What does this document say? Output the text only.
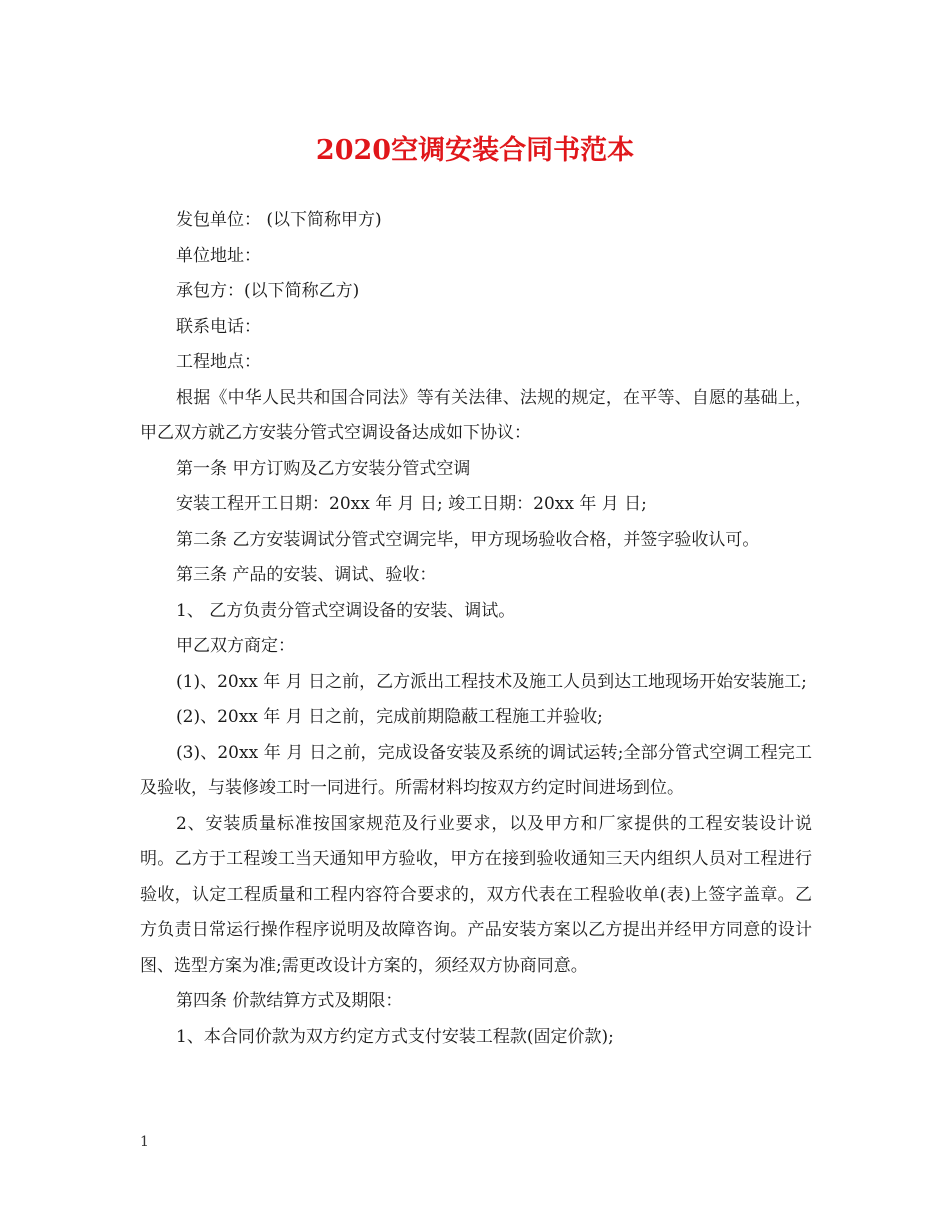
2020空调安装合同书范本

发包单位： (以下简称甲方)

单位地址：

承包方：(以下简称乙方)

联系电话：

工程地点：

根据《中华人民共和国合同法》等有关法律、法规的规定，在平等、自愿的基础上，甲乙双方就乙方安装分管式空调设备达成如下协议：

第一条 甲方订购及乙方安装分管式空调

安装工程开工日期：20xx 年 月 日; 竣工日期：20xx 年 月 日;

第二条 乙方安装调试分管式空调完毕，甲方现场验收合格，并签字验收认可。

第三条 产品的安装、调试、验收：

1、 乙方负责分管式空调设备的安装、调试。

甲乙双方商定：

(1)、20xx 年 月 日之前，乙方派出工程技术及施工人员到达工地现场开始安装施工;

(2)、20xx 年 月 日之前，完成前期隐蔽工程施工并验收;

(3)、20xx 年 月 日之前，完成设备安装及系统的调试运转;全部分管式空调工程完工及验收，与装修竣工时一同进行。所需材料均按双方约定时间进场到位。

2、安装质量标准按国家规范及行业要求，以及甲方和厂家提供的工程安装设计说明。乙方于工程竣工当天通知甲方验收，甲方在接到验收通知三天内组织人员对工程进行验收，认定工程质量和工程内容符合要求的，双方代表在工程验收单(表)上签字盖章。乙方负责日常运行操作程序说明及故障咨询。产品安装方案以乙方提出并经甲方同意的设计图、选型方案为准;需更改设计方案的，须经双方协商同意。

第四条 价款结算方式及期限：

1、本合同价款为双方约定方式支付安装工程款(固定价款);

1
